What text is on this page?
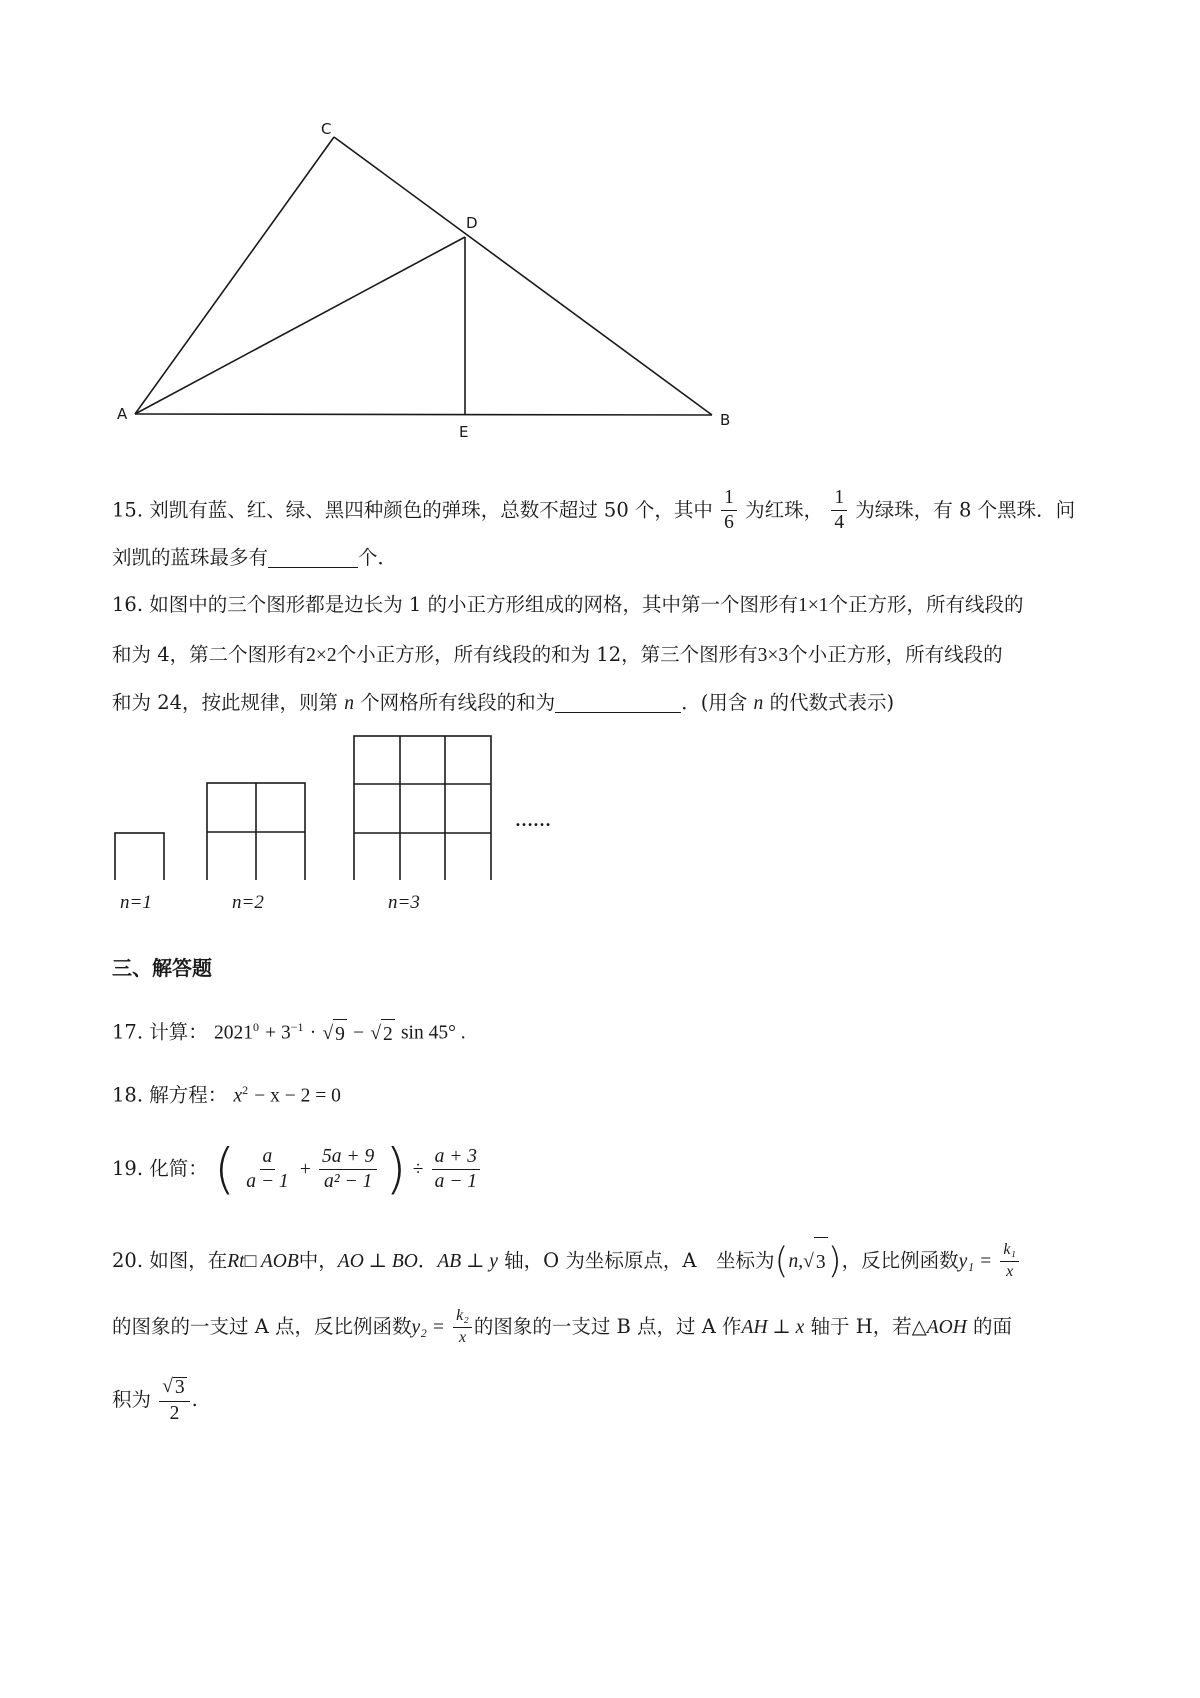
C
D
A	B
E
15. 刘凯有蓝、红、绿、黑四种颜色的弹珠，总数不超过 50 个，其中 $\frac{1}{6}$ 为红珠， $\frac{1}{4}$ 为绿珠，有 8 个黑珠．问
刘凯的蓝珠最多有	个．
16. 如图中的三个图形都是边长为 1 的小正方形组成的网格，其中第一个图形有1×1个正方形，所有线段的
和为 4，第二个图形有2×2个小正方形，所有线段的和为 12，第三个图形有3×3个小正方形，所有线段的
和为 24，按此规律，则第 n 个网格所有线段的和为	．(用含 n 的代数式表示)
……
n=1	n=2	n=3
三、解答题
17. 计算： $2021^0 + 3^{-1}$ · √ 9 − √ 2 sin 45° .
18. 解方程： $x^2 - x - 2 = 0$
19. 化简： ( $\frac{a}{a - 1} + \frac{5a + 9}{\text{a² − 1}}$ ) ÷ $\frac{a + 3}{a - 1}$
20. 如图，在Rt□ AOB中，AO ⊥ BO．AB ⊥ y 轴，O 为坐标原点，A　坐标为(n,√ 3 )，反比例函数$y_1 = \frac{\text{k₁}}{x}$
的图象的一支过 A 点，反比例函数$y_2 = \frac{\text{k₂}}{x}$ 的图象的一支过 B 点，过 A 作AH ⊥ x 轴于 H，若△AOH 的面
积为 $\frac{√ 3}{2}$ .
